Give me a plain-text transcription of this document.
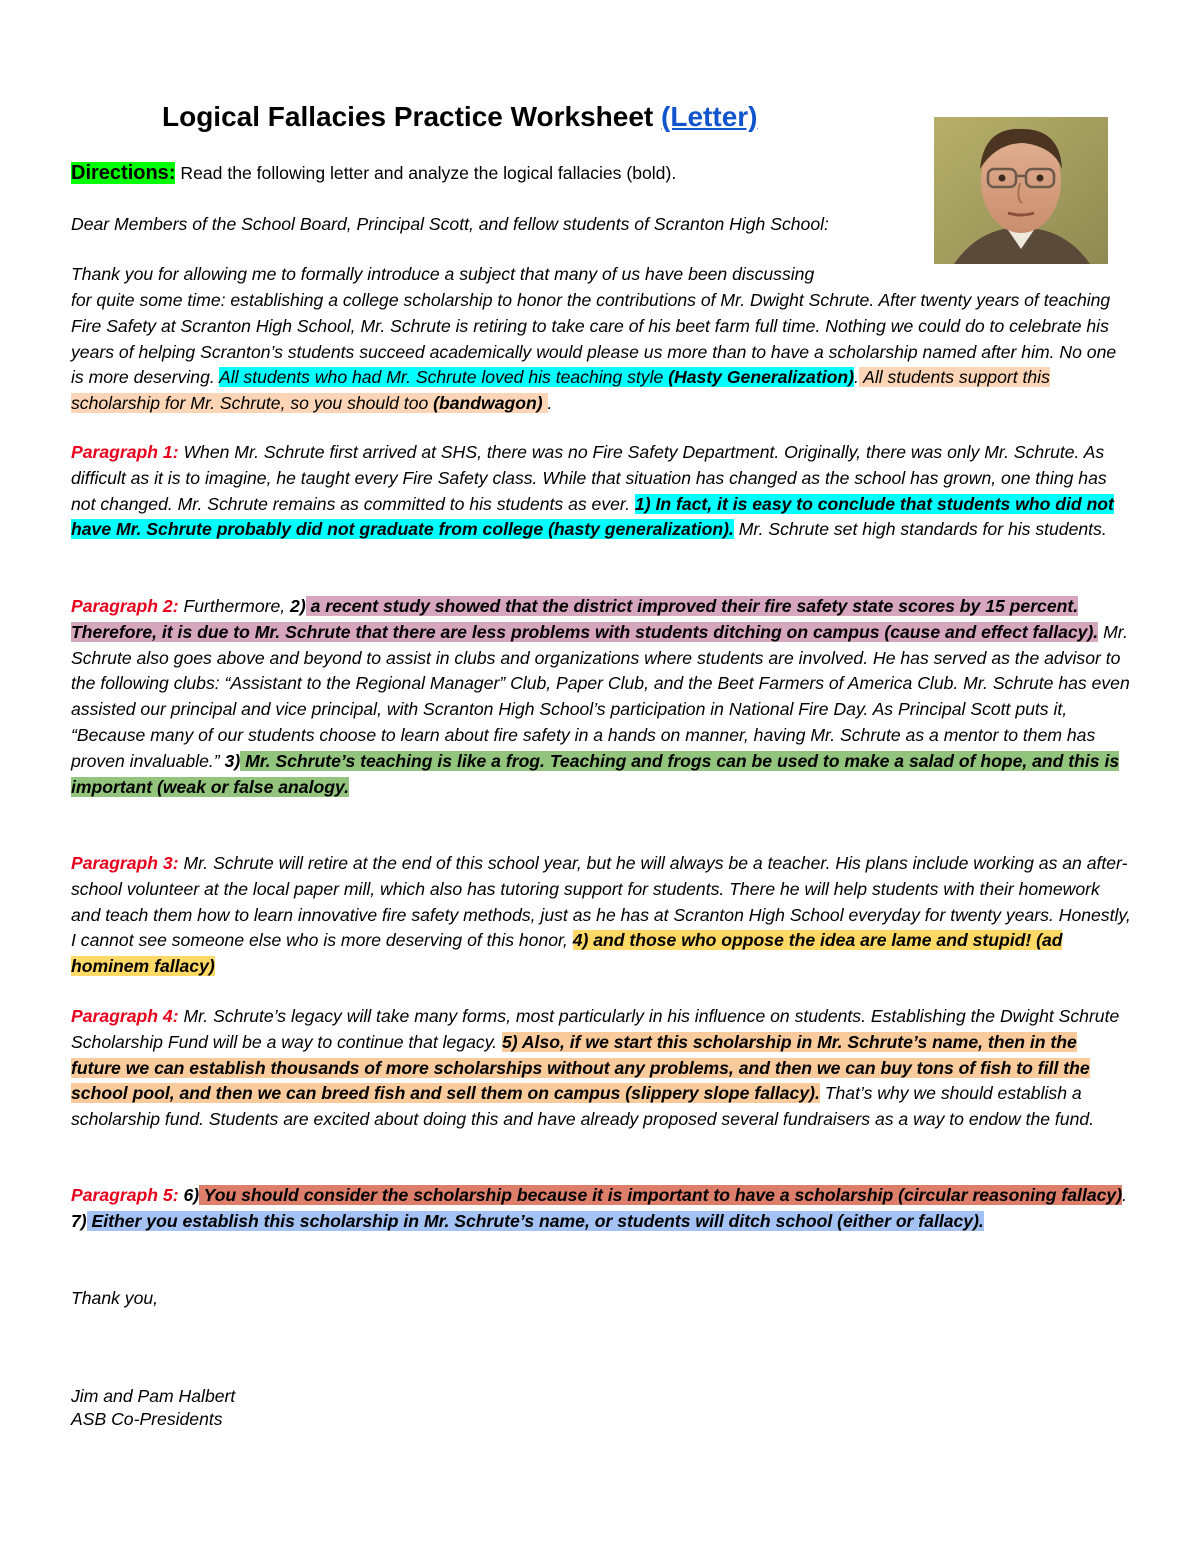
Logical Fallacies Practice Worksheet (Letter)
Directions: Read the following letter and analyze the logical fallacies (bold).
Dear Members of the School Board, Principal Scott, and fellow students of Scranton High School:
Thank you for allowing me to formally introduce a subject that many of us have been discussing

for quite some time: establishing a college scholarship to honor the contributions of Mr. Dwight Schrute. After twenty years of teaching Fire Safety at Scranton High School, Mr. Schrute is retiring to take care of his beet farm full time. Nothing we could do to celebrate his years of helping Scranton’s students succeed academically would please us more than to have a scholarship named after him. No one is more deserving. All students who had Mr. Schrute loved his teaching style (Hasty Generalization). All students support this scholarship for Mr. Schrute, so you should too (bandwagon) .

Paragraph 1: When Mr. Schrute first arrived at SHS, there was no Fire Safety Department. Originally, there was only Mr. Schrute. As difficult as it is to imagine, he taught every Fire Safety class. While that situation has changed as the school has grown, one thing has not changed. Mr. Schrute remains as committed to his students as ever. 1) In fact, it is easy to conclude that students who did not have Mr. Schrute probably did not graduate from college (hasty generalization). Mr. Schrute set high standards for his students.

Paragraph 2: Furthermore, 2) a recent study showed that the district improved their fire safety state scores by 15 percent. Therefore, it is due to Mr. Schrute that there are less problems with students ditching on campus (cause and effect fallacy). Mr. Schrute also goes above and beyond to assist in clubs and organizations where students are involved. He has served as the advisor to the following clubs: “Assistant to the Regional Manager” Club, Paper Club, and the Beet Farmers of America Club. Mr. Schrute has even assisted our principal and vice principal, with Scranton High School’s participation in National Fire Day. As Principal Scott puts it, “Because many of our students choose to learn about fire safety in a hands on manner, having Mr. Schrute as a mentor to them has proven invaluable.” 3) Mr. Schrute’s teaching is like a frog. Teaching and frogs can be used to make a salad of hope, and this is important (weak or false analogy.

Paragraph 3: Mr. Schrute will retire at the end of this school year, but he will always be a teacher. His plans include working as an after-school volunteer at the local paper mill, which also has tutoring support for students. There he will help students with their homework and teach them how to learn innovative fire safety methods, just as he has at Scranton High School everyday for twenty years. Honestly, I cannot see someone else who is more deserving of this honor, 4) and those who oppose the idea are lame and stupid! (ad hominem fallacy)

Paragraph 4: Mr. Schrute’s legacy will take many forms, most particularly in his influence on students. Establishing the Dwight Schrute Scholarship Fund will be a way to continue that legacy. 5) Also, if we start this scholarship in Mr. Schrute’s name, then in the future we can establish thousands of more scholarships without any problems, and then we can buy tons of fish to fill the school pool, and then we can breed fish and sell them on campus (slippery slope fallacy). That’s why we should establish a scholarship fund. Students are excited about doing this and have already proposed several fundraisers as a way to endow the fund.

Paragraph 5: 6) You should consider the scholarship because it is important to have a scholarship (circular reasoning fallacy). 7) Either you establish this scholarship in Mr. Schrute’s name, or students will ditch school (either or fallacy).

Thank you,
Jim and Pam Halbert
ASB Co-Presidents
